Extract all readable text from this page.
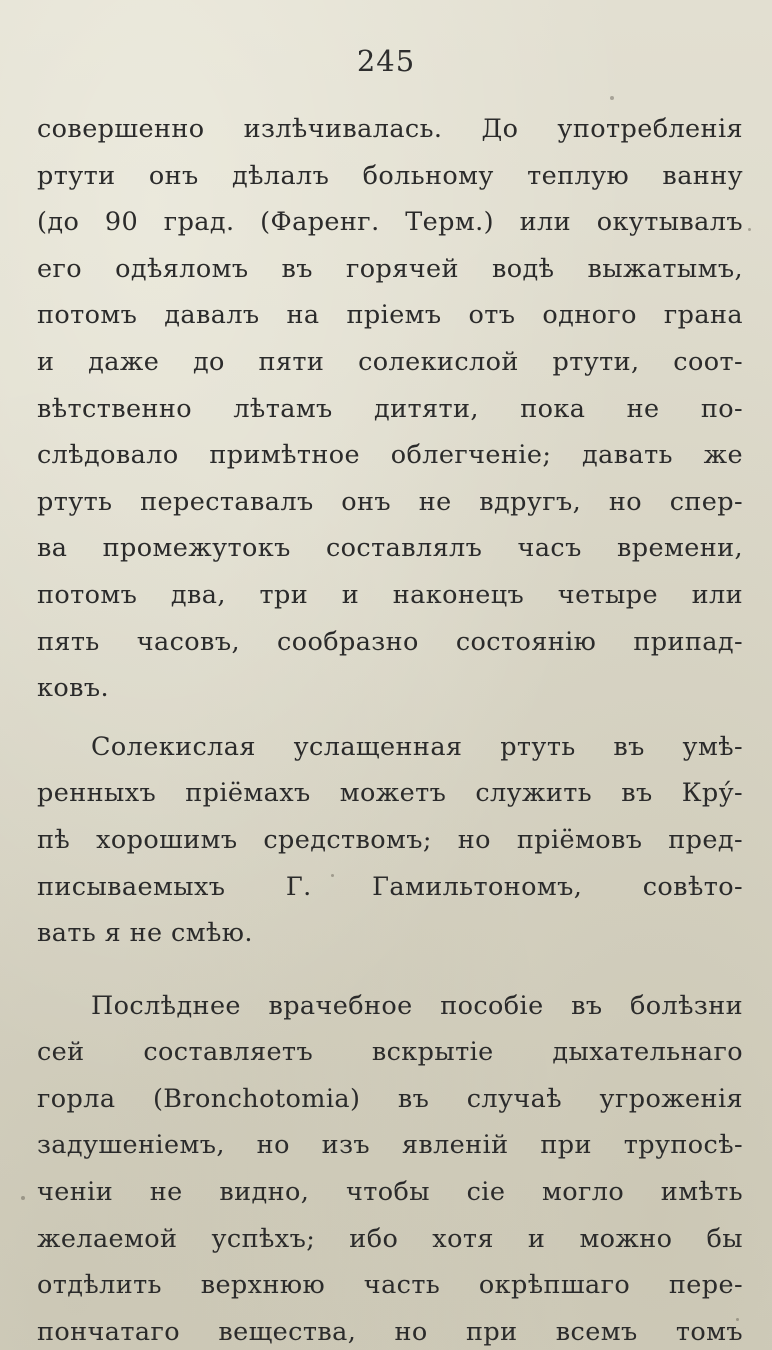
245
совершенно излѣчивалась. До употребленія
ртути онъ дѣлалъ больному теплую ванну
(до 90 град. (Фаренг. Терм.) или окутывалъ
его одѣяломъ въ горячей водѣ выжатымъ,
потомъ давалъ на пріемъ отъ одного грана
и даже до пяти солекислой ртути, соот-
вѣтственно лѣтамъ дитяти, пока не по-
слѣдовало примѣтное облегченіе; давать же
ртуть переставалъ онъ не вдругъ, но спер-
ва промежутокъ составлялъ часъ времени,
потомъ два, три и наконецъ четыре или
пять часовъ, сообразно состоянію припад-
ковъ.
Солекислая услащенная ртуть въ умѣ-
ренныхъ пріёмахъ можетъ служить въ Кру́-
пѣ хорошимъ средствомъ; но пріёмовъ пред-
писываемыхъ Г. Гамильтономъ, совѣто-
вать я не смѣю.
Послѣднее врачебное пособіе въ болѣзни
сей составляетъ вскрытіе дыхательнаго
горла (Bronchotomia) въ случаѣ угроженія
задушеніемъ, но изъ явленій при трупосѣ-
ченіи не видно, чтобы сіе могло имѣть
желаемой успѣхъ; ибо хотя и можно бы
отдѣлить верхнюю часть окрѣпшаго пере-
пончатаго вещества, но при всемъ томъ
